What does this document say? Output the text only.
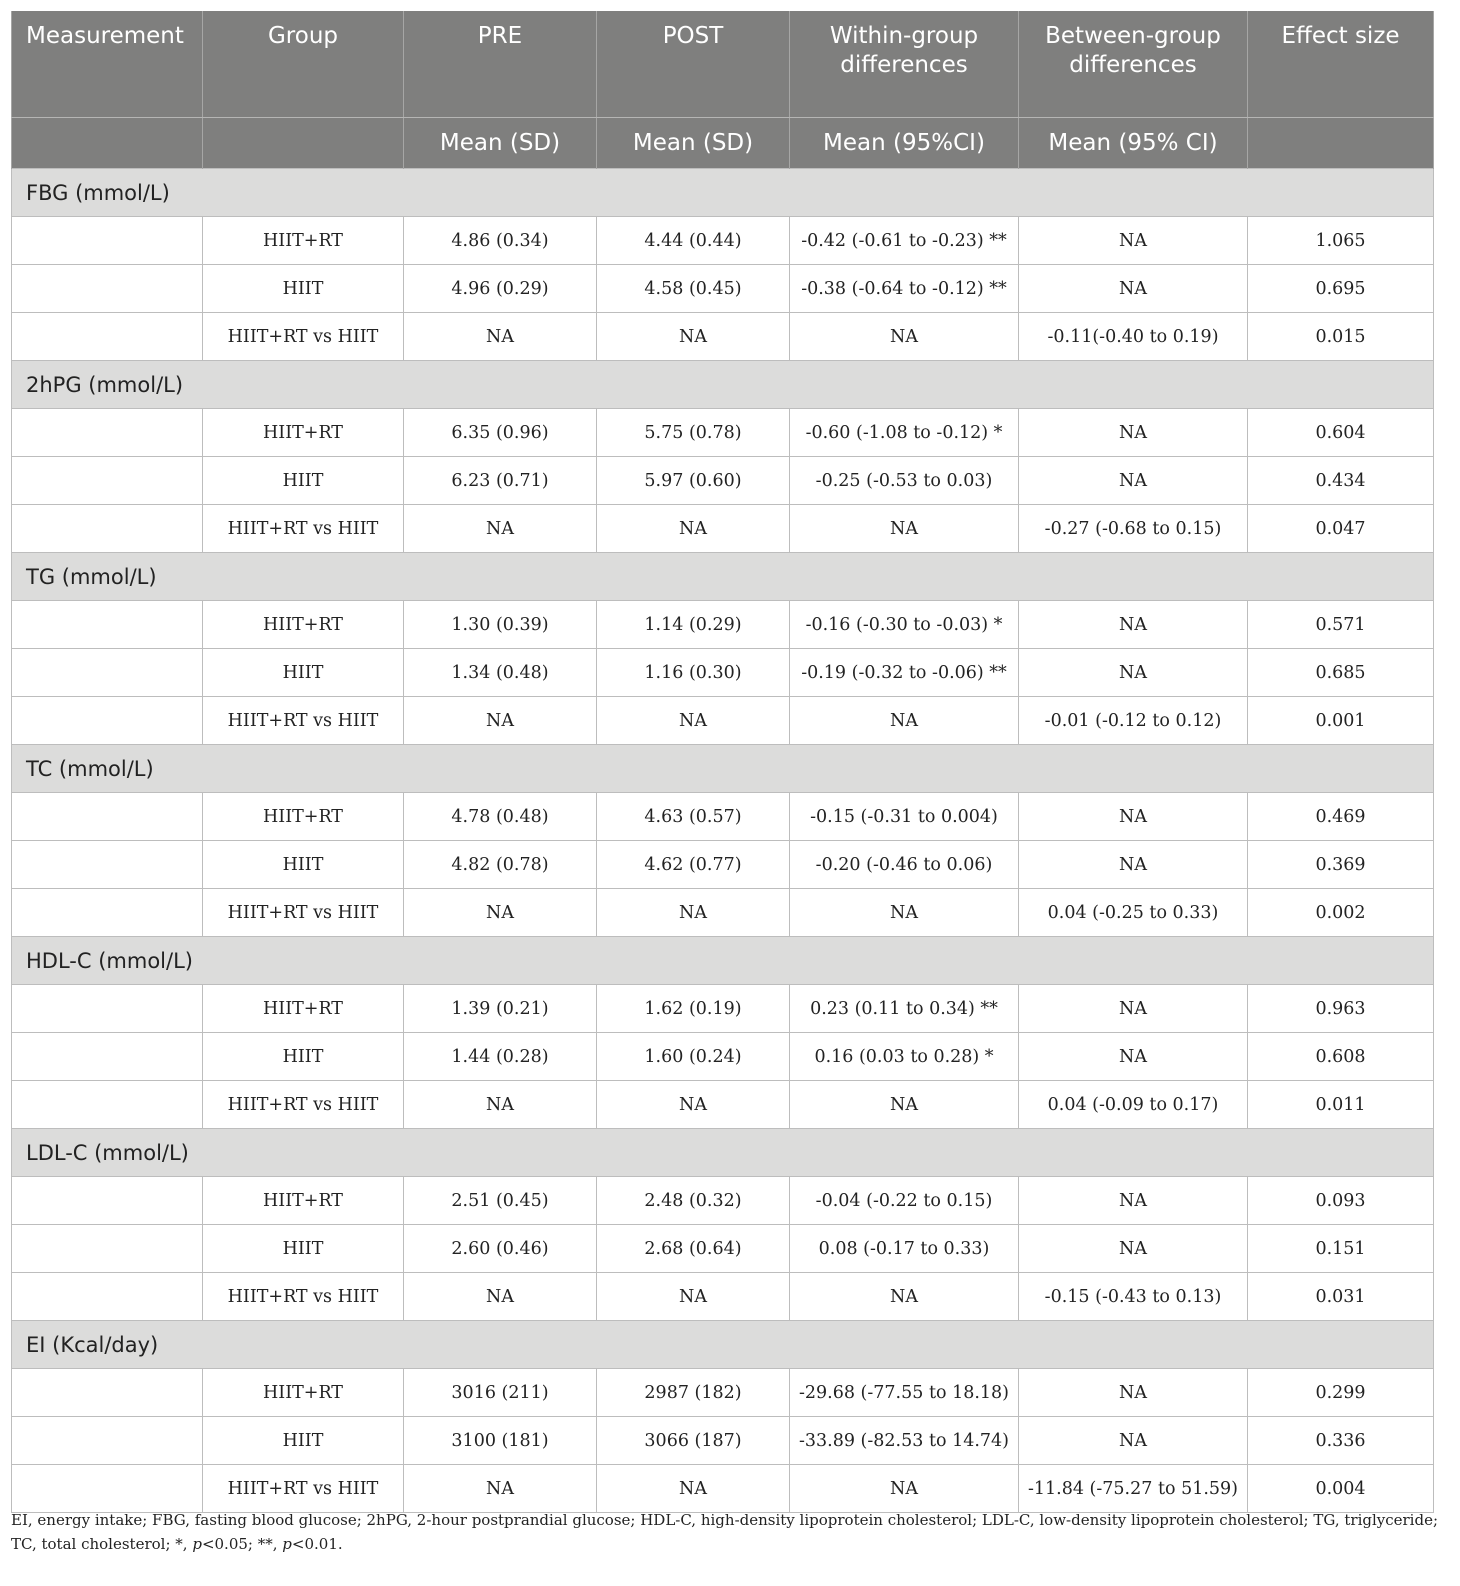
Measurement	Group	PRE	POST	Within-group differences	Between-group differences	Effect size
		Mean (SD)	Mean (SD)	Mean (95%CI)	Mean (95% CI)	
FBG (mmol/L)						
	HIIT+RT	4.86 (0.34)	4.44 (0.44)	-0.42 (-0.61 to -0.23) **	NA	1.065
	HIIT	4.96 (0.29)	4.58 (0.45)	-0.38 (-0.64 to -0.12) **	NA	0.695
	HIIT+RT vs HIIT	NA	NA	NA	-0.11(-0.40 to 0.19)	0.015
2hPG (mmol/L)						
	HIIT+RT	6.35 (0.96)	5.75 (0.78)	-0.60 (-1.08 to -0.12) *	NA	0.604
	HIIT	6.23 (0.71)	5.97 (0.60)	-0.25 (-0.53 to 0.03)	NA	0.434
	HIIT+RT vs HIIT	NA	NA	NA	-0.27 (-0.68 to 0.15)	0.047
TG (mmol/L)						
	HIIT+RT	1.30 (0.39)	1.14 (0.29)	-0.16 (-0.30 to -0.03) *	NA	0.571
	HIIT	1.34 (0.48)	1.16 (0.30)	-0.19 (-0.32 to -0.06) **	NA	0.685
	HIIT+RT vs HIIT	NA	NA	NA	-0.01 (-0.12 to 0.12)	0.001
TC (mmol/L)						
	HIIT+RT	4.78 (0.48)	4.63 (0.57)	-0.15 (-0.31 to 0.004)	NA	0.469
	HIIT	4.82 (0.78)	4.62 (0.77)	-0.20 (-0.46 to 0.06)	NA	0.369
	HIIT+RT vs HIIT	NA	NA	NA	0.04 (-0.25 to 0.33)	0.002
HDL-C (mmol/L)						
	HIIT+RT	1.39 (0.21)	1.62 (0.19)	0.23 (0.11 to 0.34) **	NA	0.963
	HIIT	1.44 (0.28)	1.60 (0.24)	0.16 (0.03 to 0.28) *	NA	0.608
	HIIT+RT vs HIIT	NA	NA	NA	0.04 (-0.09 to 0.17)	0.011
LDL-C (mmol/L)						
	HIIT+RT	2.51 (0.45)	2.48 (0.32)	-0.04 (-0.22 to 0.15)	NA	0.093
	HIIT	2.60 (0.46)	2.68 (0.64)	0.08 (-0.17 to 0.33)	NA	0.151
	HIIT+RT vs HIIT	NA	NA	NA	-0.15 (-0.43 to 0.13)	0.031
EI (Kcal/day)						
	HIIT+RT	3016 (211)	2987 (182)	-29.68 (-77.55 to 18.18)	NA	0.299
	HIIT	3100 (181)	3066 (187)	-33.89 (-82.53 to 14.74)	NA	0.336
	HIIT+RT vs HIIT	NA	NA	NA	-11.84 (-75.27 to 51.59)	0.004
EI, energy intake; FBG, fasting blood glucose; 2hPG, 2-hour postprandial glucose; HDL-C, high-density lipoprotein cholesterol; LDL-C, low-density lipoprotein cholesterol; TG, triglyceride; TC, total cholesterol; *, p<0.05; **, p<0.01.
